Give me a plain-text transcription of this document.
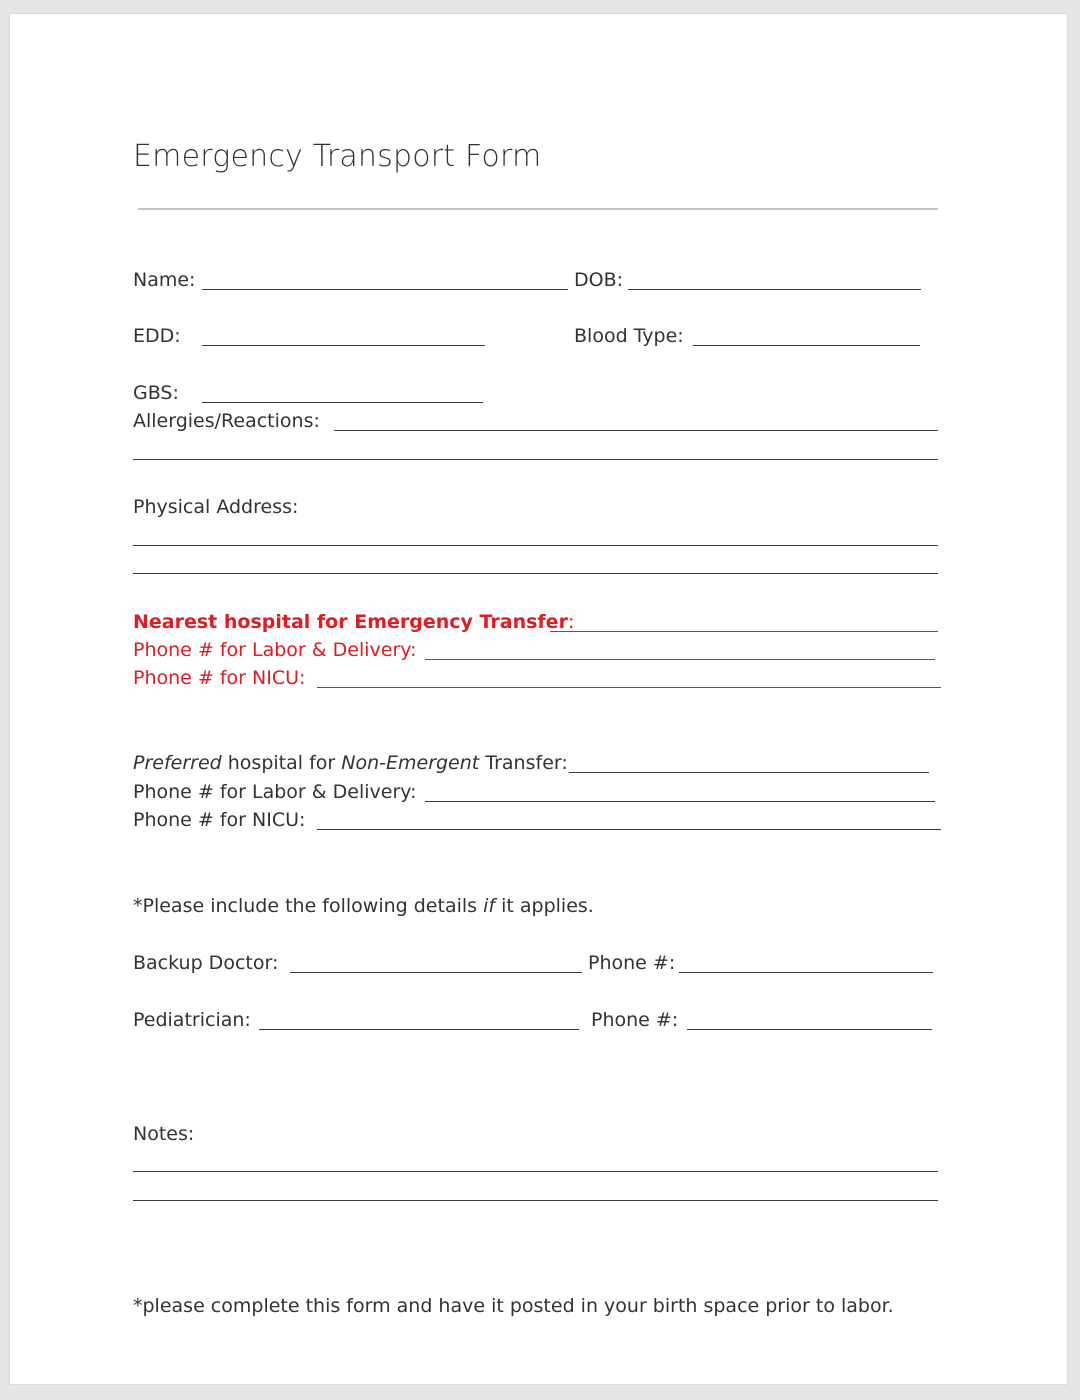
Emergency Transport Form
Name:	DOB:
EDD:	Blood Type:
GBS:
Allergies/Reactions:
Physical Address:
Nearest hospital for Emergency Transfer:
Phone # for Labor & Delivery:
Phone # for NICU:
Preferred hospital for Non-Emergent Transfer:
Phone # for Labor & Delivery:
Phone # for NICU:
*Please include the following details if it applies.
Backup Doctor:	Phone #:
Pediatrician:	Phone #:
Notes:
*please complete this form and have it posted in your birth space prior to labor.
